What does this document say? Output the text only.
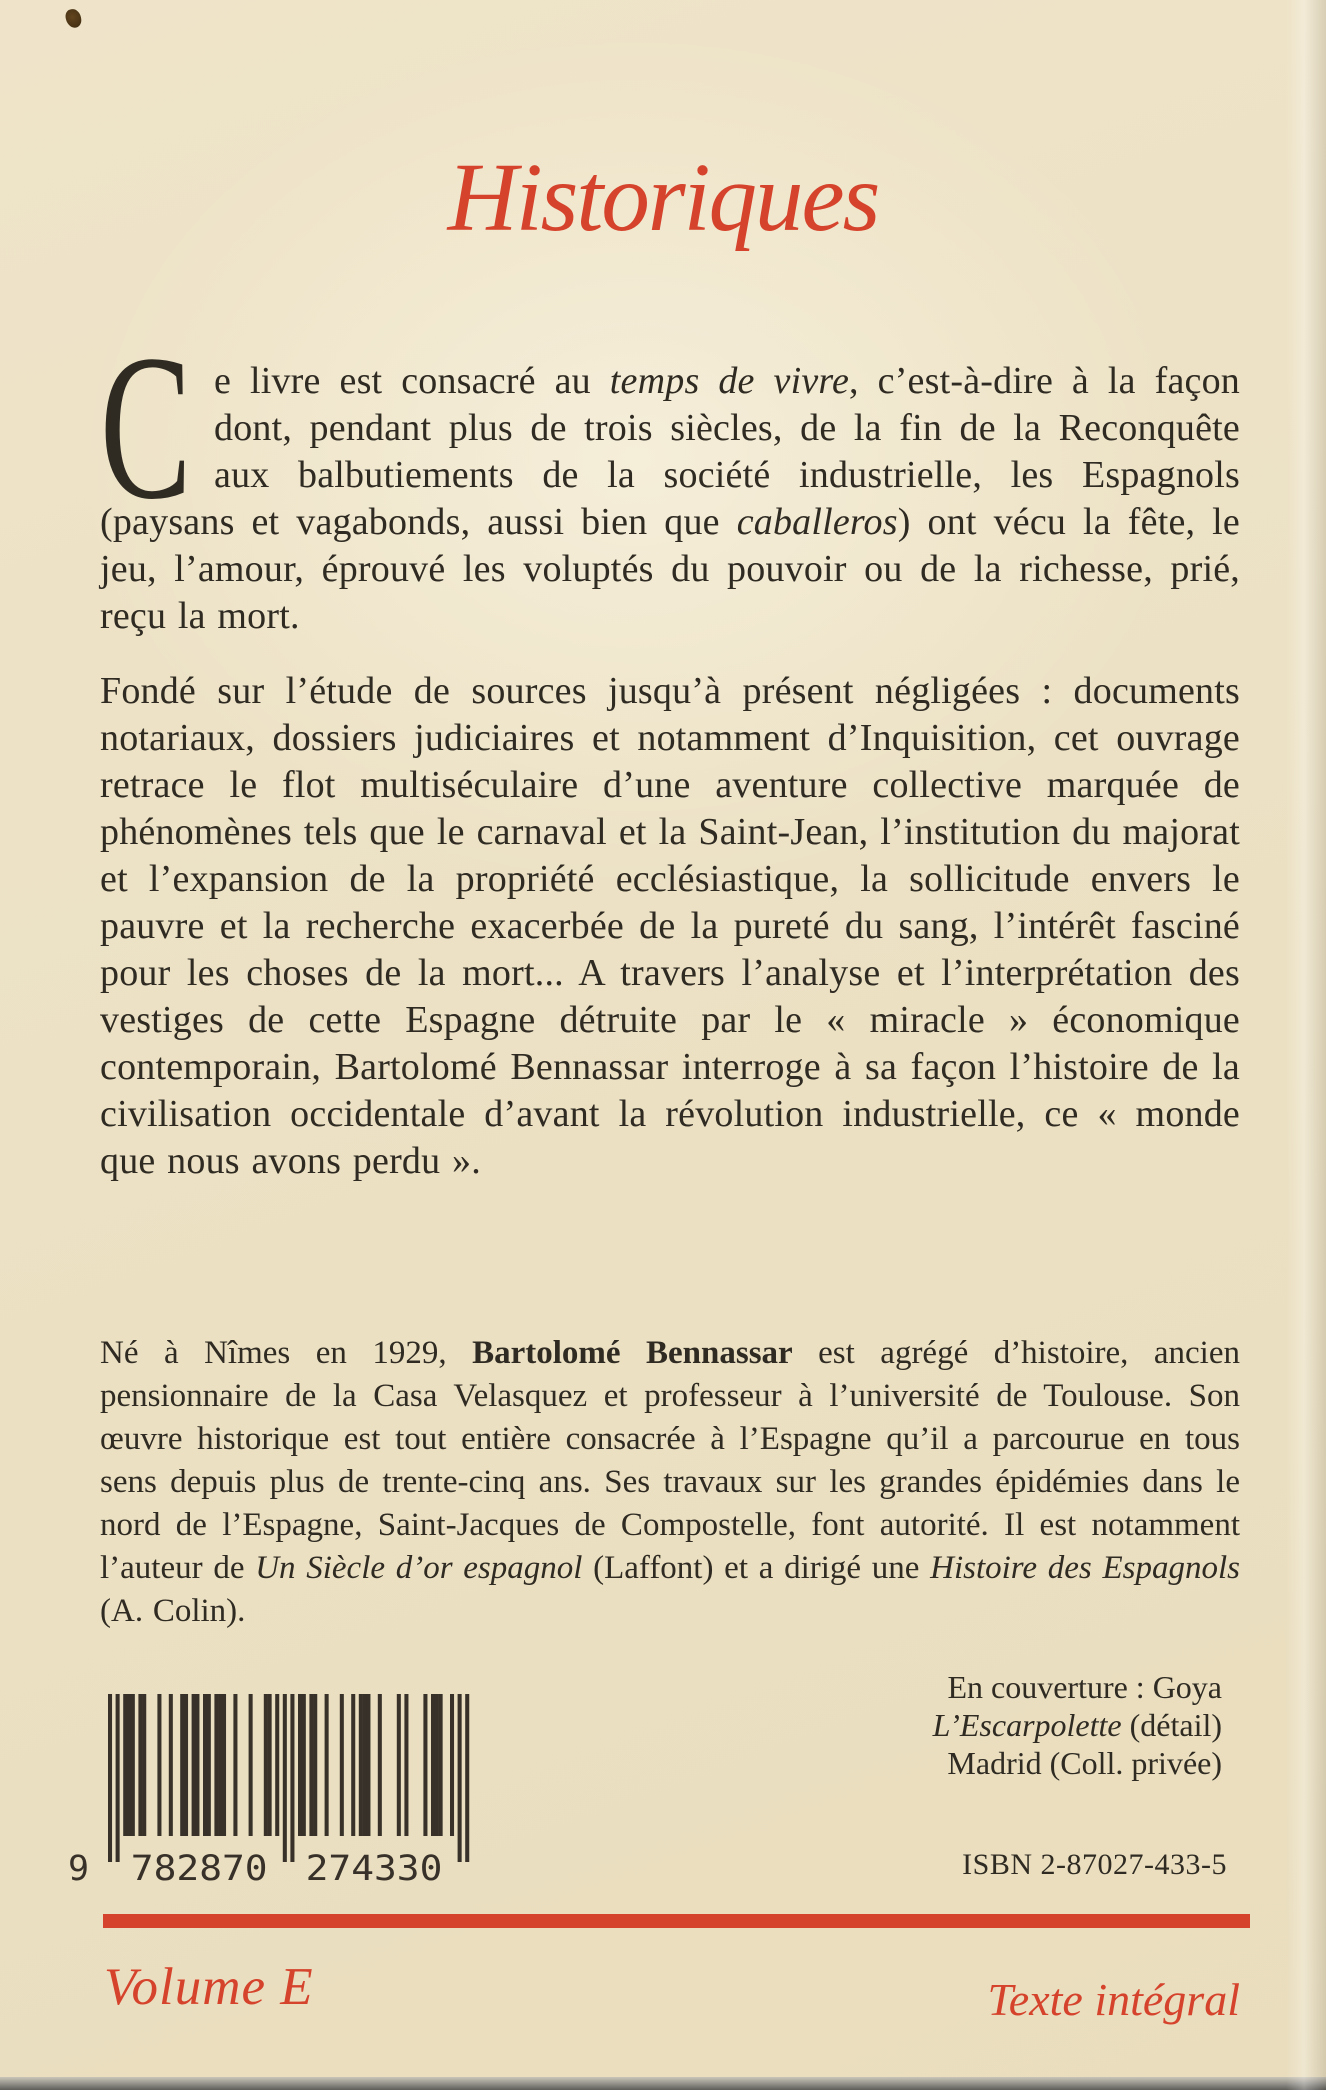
Historiques

C e livre est consacré au temps de vivre, c’est-à-dire à la façon dont, pendant plus de trois siècles, de la fin de la Reconquête aux balbutiements de la société industrielle, les Espagnols (paysans et vagabonds, aussi bien que caballeros) ont vécu la fête, le jeu, l’amour, éprouvé les voluptés du pouvoir ou de la richesse, prié, reçu la mort.

Fondé sur l’étude de sources jusqu’à présent négligées : documents notariaux, dossiers judiciaires et notamment d’Inquisition, cet ouvrage retrace le flot multiséculaire d’une aventure collective marquée de phénomènes tels que le carnaval et la Saint-Jean, l’institution du majorat et l’expansion de la propriété ecclésiastique, la sollicitude envers le pauvre et la recherche exacerbée de la pureté du sang, l’intérêt fasciné pour les choses de la mort... A travers l’analyse et l’interprétation des vestiges de cette Espagne détruite par le « miracle » économique contemporain, Bartolomé Bennassar interroge à sa façon l’histoire de la civilisation occidentale d’avant la révolution industrielle, ce « monde que nous avons perdu ».

Né à Nîmes en 1929, Bartolomé Bennassar est agrégé d’histoire, ancien pensionnaire de la Casa Velasquez et professeur à l’université de Toulouse. Son œuvre historique est tout entière consacrée à l’Espagne qu’il a parcourue en tous sens depuis plus de trente-cinq ans. Ses travaux sur les grandes épidémies dans le nord de l’Espagne, Saint-Jacques de Compostelle, font autorité. Il est notamment l’auteur de Un Siècle d’or espagnol (Laffont) et a dirigé une Histoire des Espagnols (A. Colin).

9 782870 274330
En couverture : Goya
L’Escarpolette (détail)
Madrid (Coll. privée)
ISBN 2-87027-433-5
Volume E	Texte intégral
